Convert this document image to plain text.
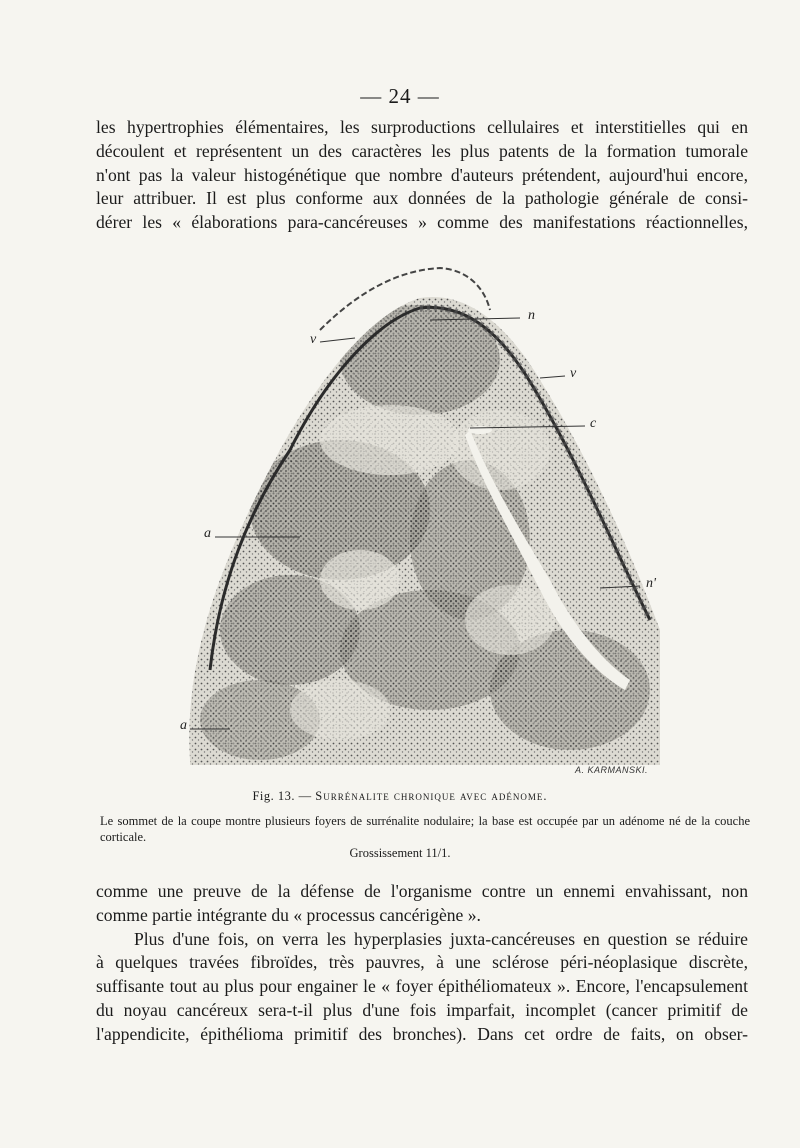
— 24 —
les hypertrophies élémentaires, les surproductions cellulaires et interstitielles qui en
découlent et représentent un des caractères les plus patents de la formation tumorale
n'ont pas la valeur histogénétique que nombre d'auteurs prétendent, aujourd'hui encore,
leur attribuer. Il est plus conforme aux données de la pathologie générale de consi-
dérer les « élaborations para-cancéreuses » comme des manifestations réactionnelles,
n
v
v
c
a
n'
a
A. KARMANSKI.
Fig. 13. — Surrénalite chronique avec adénome.
Le sommet de la coupe montre plusieurs foyers de surrénalite nodulaire; la base est occupée par un adénome né de la couche corticale.
Grossissement 11/1.
comme une preuve de la défense de l'organisme contre un ennemi envahissant, non
comme partie intégrante du « processus cancérigène ».
Plus d'une fois, on verra les hyperplasies juxta-cancéreuses en question se réduire
à quelques travées fibroïdes, très pauvres, à une sclérose péri-néoplasique discrète,
suffisante tout au plus pour engainer le « foyer épithéliomateux ». Encore, l'encapsulement
du noyau cancéreux sera-t-il plus d'une fois imparfait, incomplet (cancer primitif de
l'appendicite, épithélioma primitif des bronches). Dans cet ordre de faits, on obser-
